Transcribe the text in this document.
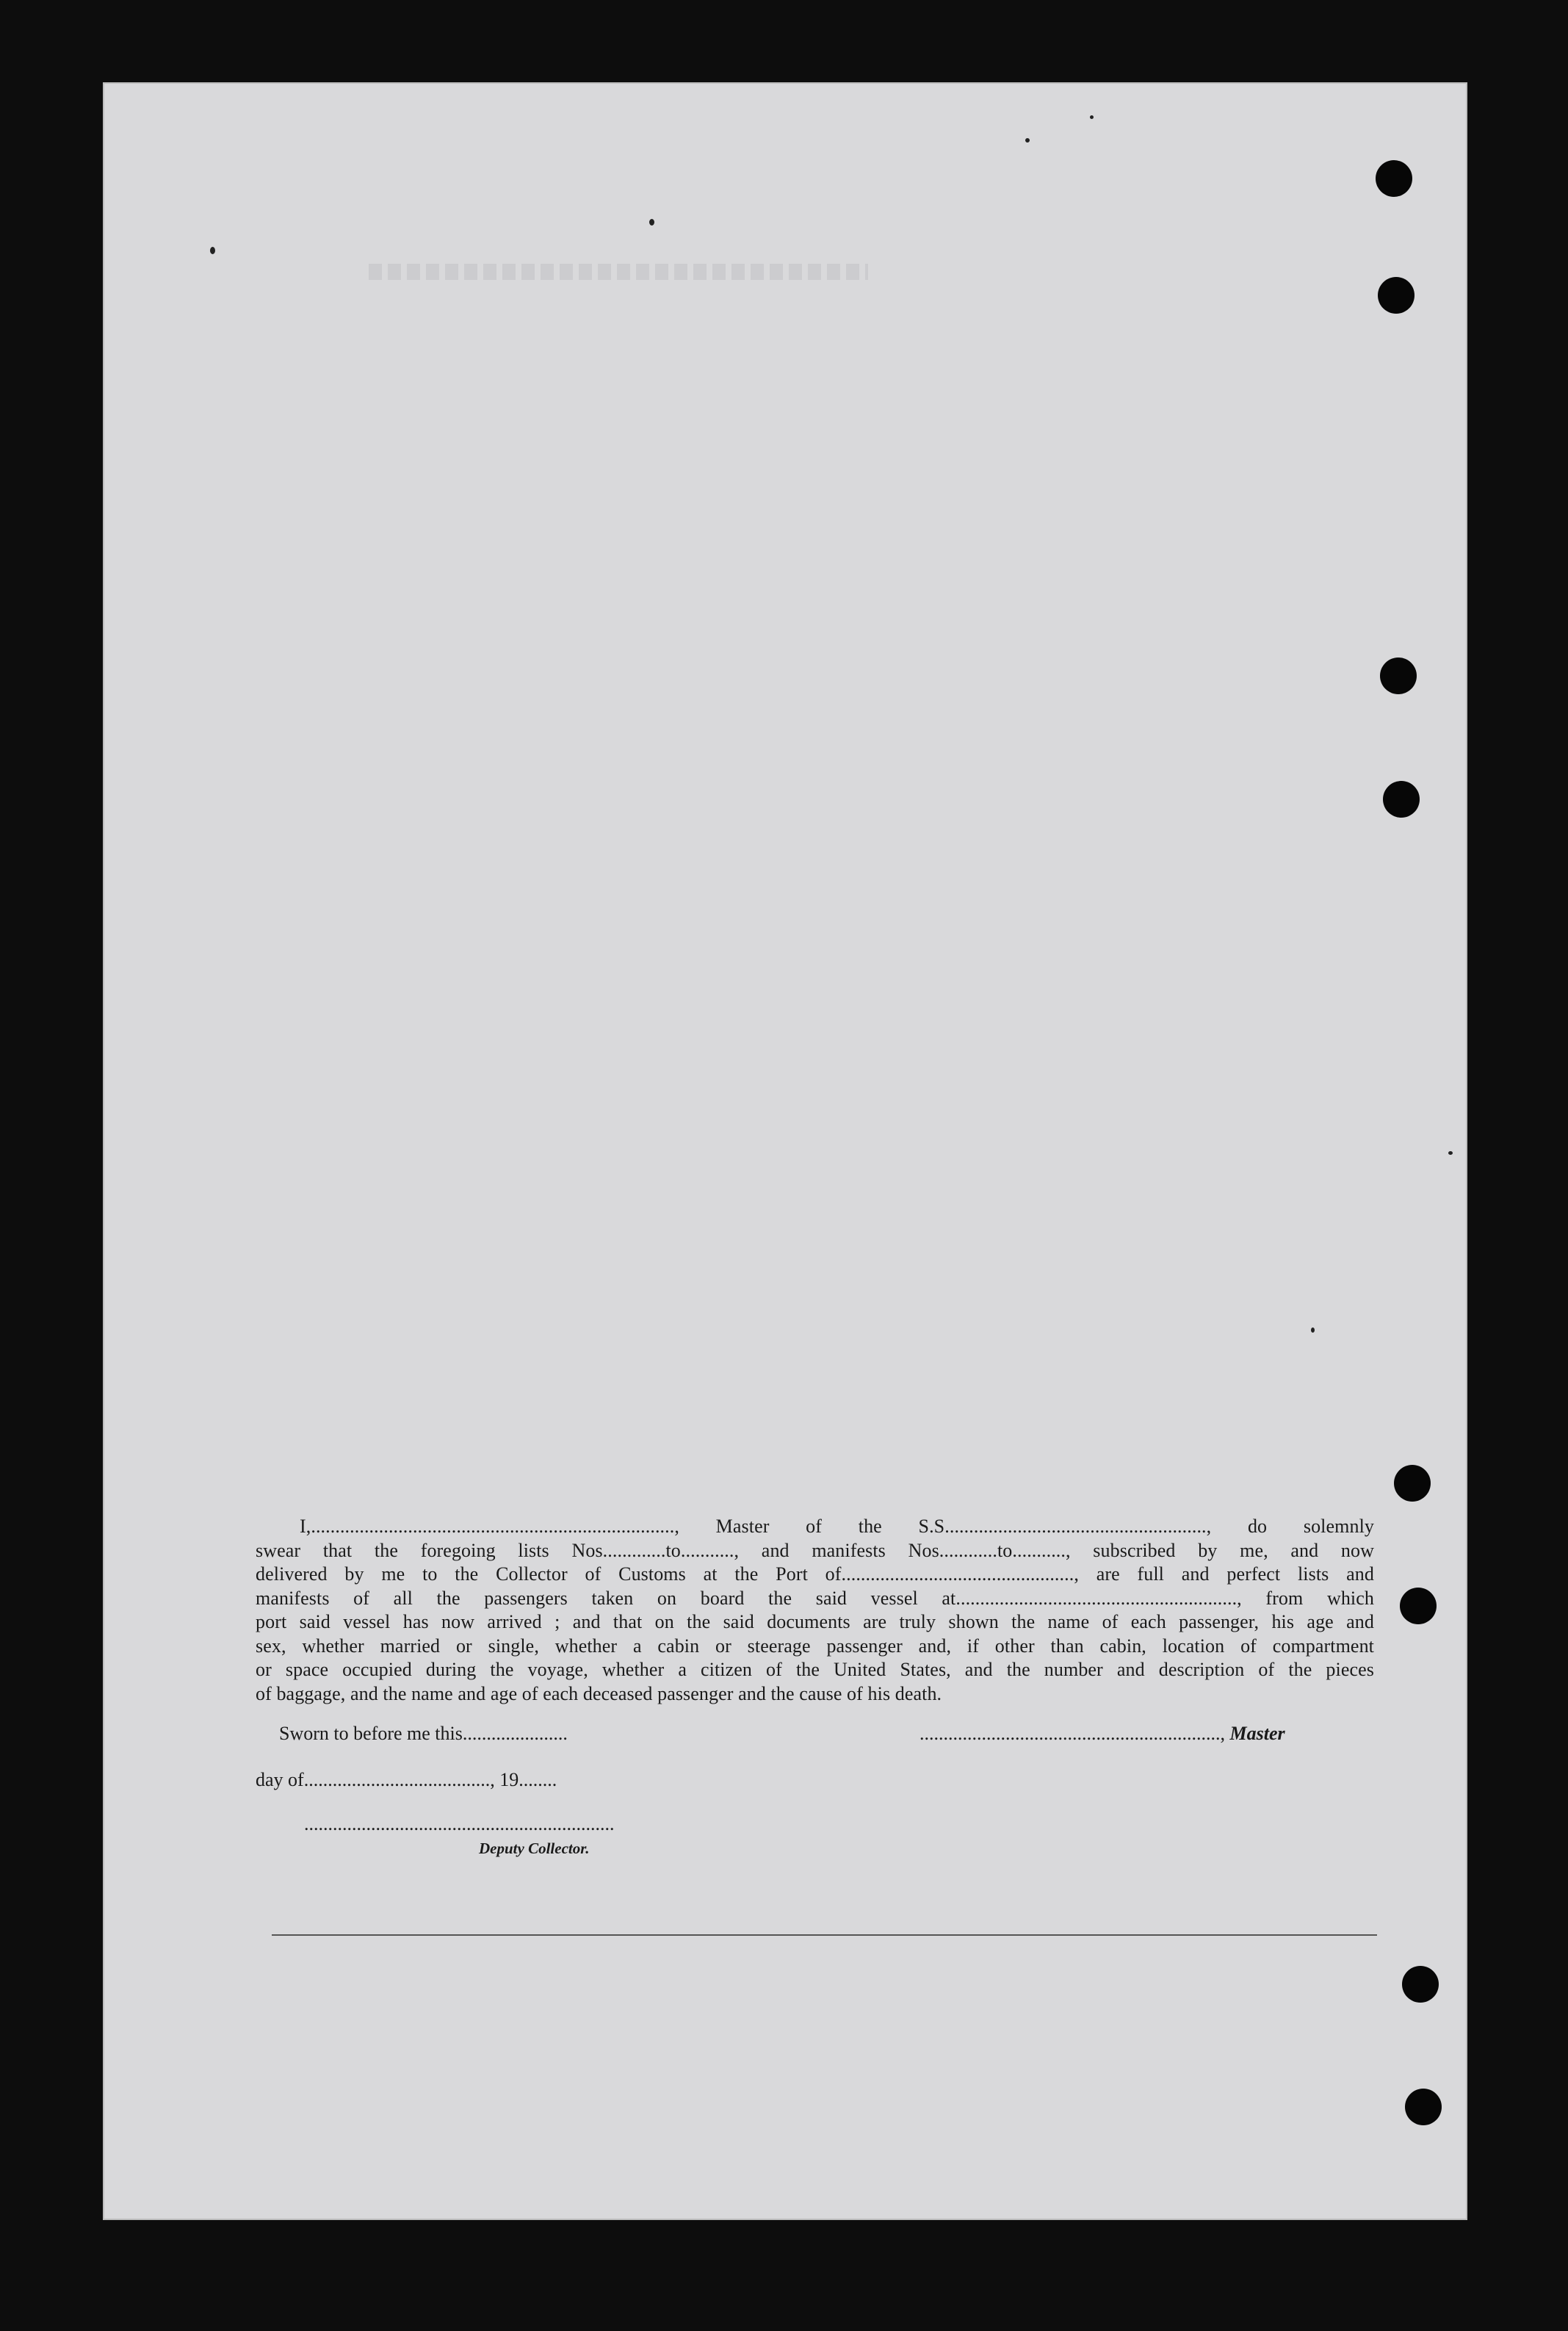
I,..........................................................................., Master of the S.S......................................................, do solemnly
swear that the foregoing lists Nos.............to..........., and manifests Nos............to..........., subscribed by me, and now
delivered by me to the Collector of Customs at the Port of................................................, are full and perfect lists and
manifests of all the passengers taken on board the said vessel at.........................................................., from which
port said vessel has now arrived ; and that on the said documents are truly shown the name of each passenger, his age and
sex, whether married or single, whether a cabin or steerage passenger and, if other than cabin, location of compartment
or space occupied during the voyage, whether a citizen of the United States, and the number and description of the pieces
of baggage, and the name and age of each deceased passenger and the cause of his death.
Sworn to before me this......................	..............................................................., Master
day of......................................., 19........
.................................................................
Deputy Collector.
